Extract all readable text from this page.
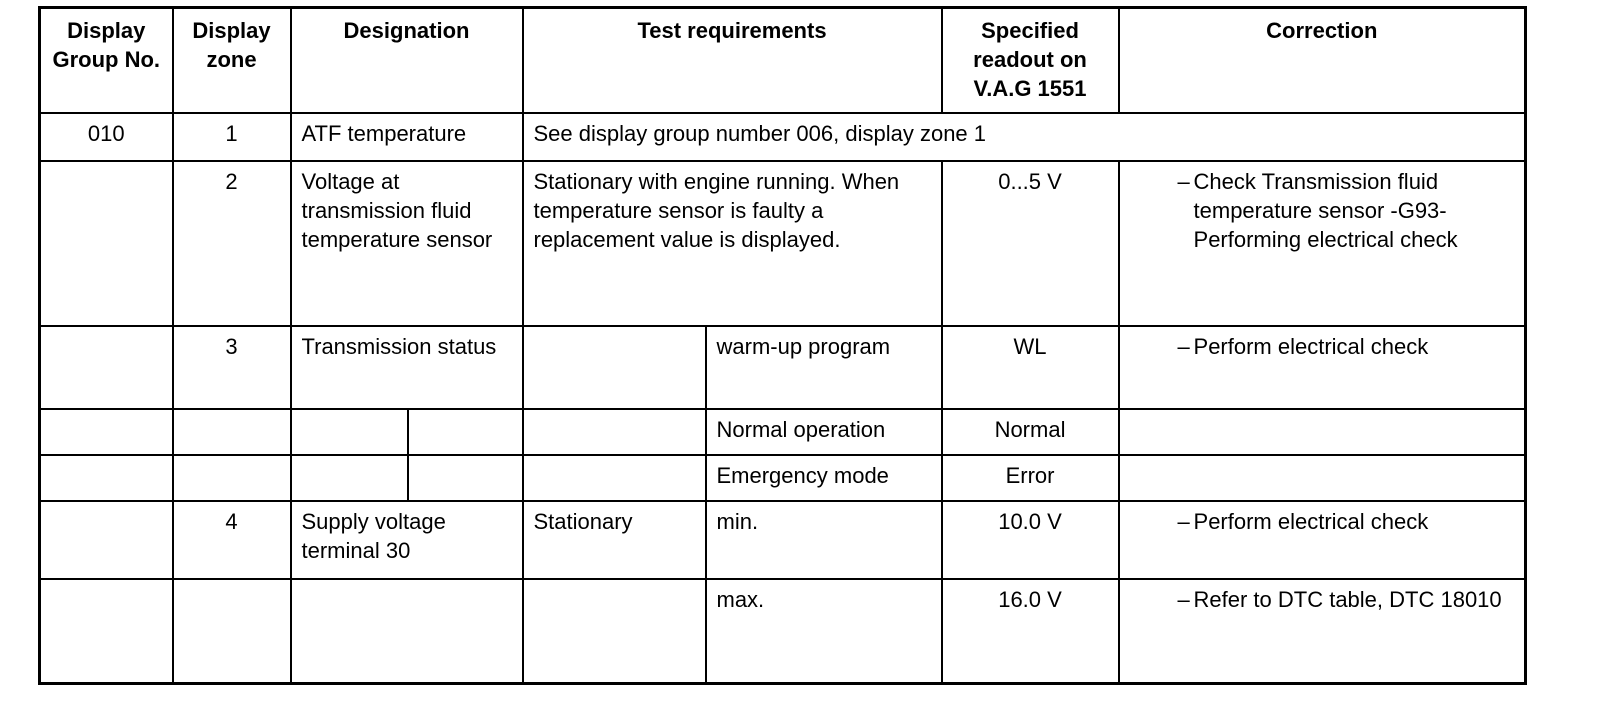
Display Group No.	Display zone	Designation		Test requirements		Specified readout on V.A.G 1551	Correction
010	1	ATF temperature		See display group number 006, display zone 1			
	2	Voltage at transmission fluid temperature sensor		Stationary with engine running. When temperature sensor is faulty a replacement value is displayed.		0...5 V	– Check Transmission fluid temperature sensor -G93- Performing electrical check

	3	Transmission status			warm-up program	WL	– Perform electrical check

					Normal operation	Normal	
					Emergency mode	Error	
	4	Supply voltage terminal 30		Stationary	min.	10.0 V	– Perform electrical check

					max.	16.0 V	– Refer to DTC table, DTC 18010
